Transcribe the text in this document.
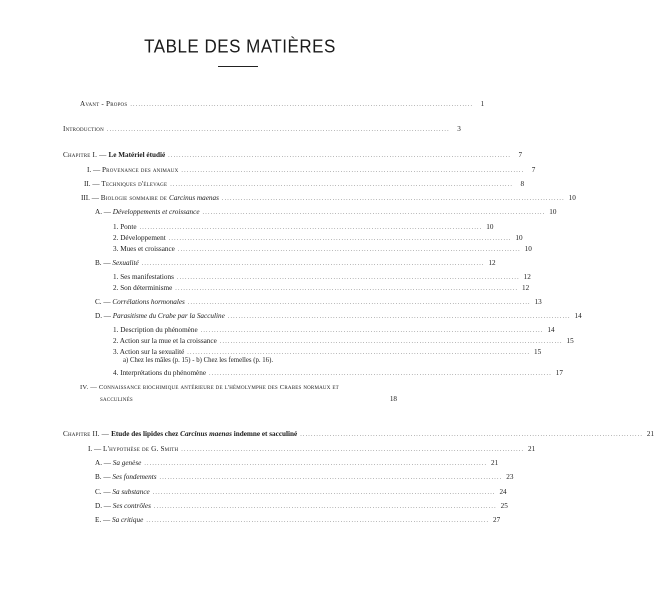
TABLE DES MATIÈRES
Avant - Propos ...............................................................................................................................	1
Introduction ...............................................................................................................................	3
Chapitre I. — Le Matériel étudié ...............................................................................................................................	7
I. — Provenance des animaux ...............................................................................................................................	7
II. — Techniques d'élevage ...............................................................................................................................	8
III. — Biologie sommaire de Carcinus maenas ............................................................................................................................... 10
A. — Développements et croissance ............................................................................................................................... 10
1. Ponte ............................................................................................................................... 10
2. Développement ............................................................................................................................... 10
3. Mues et croissance ............................................................................................................................... 10
B. — Sexualité ............................................................................................................................... 12
1. Ses manifestations ............................................................................................................................... 12
2. Son déterminisme ............................................................................................................................... 12
C. — Corrélations hormonales ............................................................................................................................... 13
D. — Parasitisme du Crabe par la Sacculine ............................................................................................................................... 14
1. Description du phénomène ............................................................................................................................... 14
2. Action sur la mue et la croissance ............................................................................................................................... 15
3. Action sur la sexualité ............................................................................................................................... 15
a) Chez les mâles (p. 15) - b) Chez les femelles (p. 16).
4. Interprétations du phénomène ............................................................................................................................... 17
IV. — Connaissance biochimique antérieure de l'hémolymphe des Crabes normaux et
sacculinés	18
Chapitre II. — Etude des lipides chez Carcinus maenas indemne et sacculiné ............................................................................................................................... 21
I. — L'hypothèse de G. Smith ............................................................................................................................... 21
A. — Sa genèse ............................................................................................................................... 21
B. — Ses fondements ............................................................................................................................... 23
C. — Sa substance ............................................................................................................................... 24
D. — Ses contrôles ............................................................................................................................... 25
E. — Sa critique ............................................................................................................................... 27
